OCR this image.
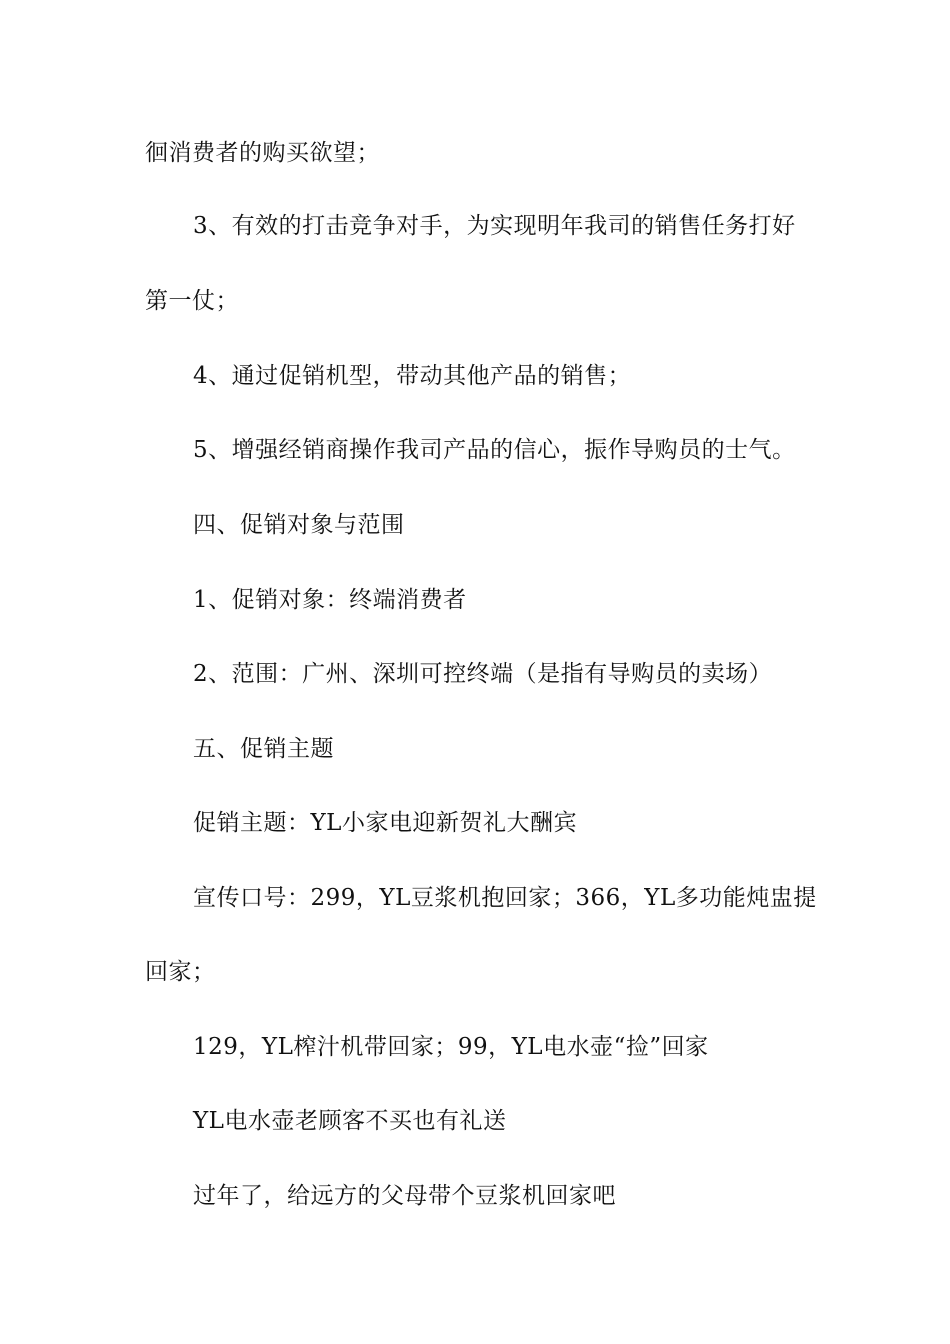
徊消费者的购买欲望；
3、有效的打击竞争对手，为实现明年我司的销售任务打好
第一仗；
4、通过促销机型，带动其他产品的销售；
5、增强经销商操作我司产品的信心，振作导购员的士气。
四、促销对象与范围
1、促销对象：终端消费者
2、范围：广州、深圳可控终端（是指有导购员的卖场）
五、促销主题
促销主题：YL小家电迎新贺礼大酬宾
宣传口号：299，YL豆浆机抱回家；366，YL多功能炖盅提
回家；
129，YL榨汁机带回家；99，YL电水壶“捡”回家
YL电水壶老顾客不买也有礼送
过年了，给远方的父母带个豆浆机回家吧
